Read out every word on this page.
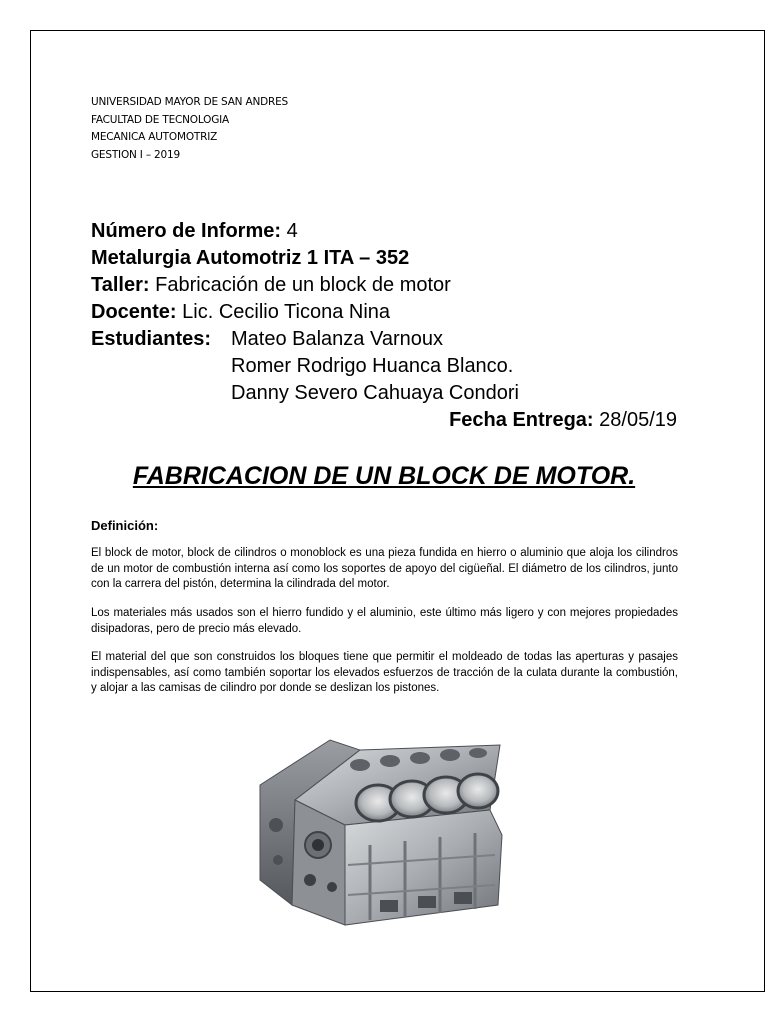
UNIVERSIDAD MAYOR DE SAN ANDRES
FACULTAD DE TECNOLOGIA
MECANICA AUTOMOTRIZ
GESTION I – 2019
Número de Informe: 4
Metalurgia Automotriz 1 ITA – 352
Taller: Fabricación de un block de motor
Docente: Lic. Cecilio Ticona Nina
Estudiantes: Mateo Balanza Varnoux
Romer Rodrigo Huanca Blanco.
Danny Severo Cahuaya Condori
Fecha Entrega: 28/05/19
FABRICACION DE UN BLOCK DE MOTOR.
Definición:

El block de motor, block de cilindros o monoblock es una pieza fundida en hierro o aluminio que aloja los cilindros de un motor de combustión interna así como los soportes de apoyo del cigüeñal. El diámetro de los cilindros, junto con la carrera del pistón, determina la cilindrada del motor.

Los materiales más usados son el hierro fundido y el aluminio, este último más ligero y con mejores propiedades disipadoras, pero de precio más elevado.

El material del que son construidos los bloques tiene que permitir el moldeado de todas las aperturas y pasajes indispensables, así como también soportar los elevados esfuerzos de tracción de la culata durante la combustión, y alojar a las camisas de cilindro por donde se deslizan los pistones.
